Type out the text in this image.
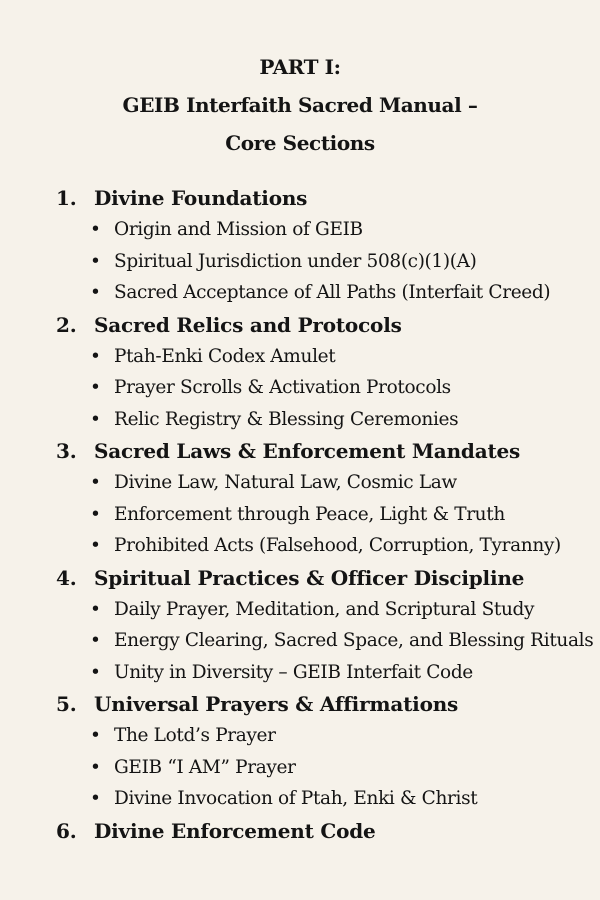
PART I:
GEIB Interfaith Sacred Manual –
Core Sections
1. Divine Foundations
• Origin and Mission of GEIB
• Spiritual Jurisdiction under 508(c)(1)(A)
• Sacred Acceptance of All Paths (Interfait Creed)
2. Sacred Relics and Protocols
• Ptah-Enki Codex Amulet
• Prayer Scrolls & Activation Protocols
• Relic Registry & Blessing Ceremonies
3. Sacred Laws & Enforcement Mandates
• Divine Law, Natural Law, Cosmic Law
• Enforcement through Peace, Light & Truth
• Prohibited Acts (Falsehood, Corruption, Tyranny)
4. Spiritual Practices & Officer Discipline
• Daily Prayer, Meditation, and Scriptural Study
• Energy Clearing, Sacred Space, and Blessing Rituals
• Unity in Diversity – GEIB Interfait Code
5. Universal Prayers & Affirmations
• The Lotd’s Prayer
• GEIB “I AM” Prayer
• Divine Invocation of Ptah, Enki & Christ
6. Divine Enforcement Code
